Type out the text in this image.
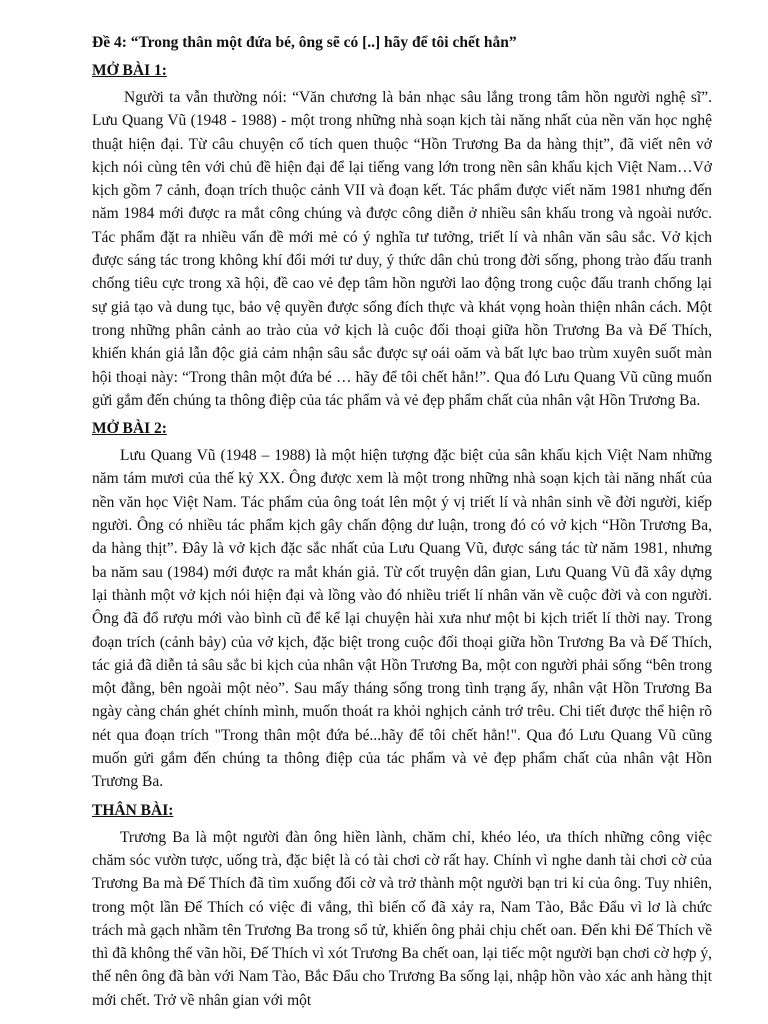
Đề 4: “Trong thân một đứa bé, ông sẽ có [..] hãy để tôi chết hẳn”
MỞ BÀI 1:

Người ta vẫn thường nói: “Văn chương là bản nhạc sâu lắng trong tâm hồn người nghệ sĩ”. Lưu Quang Vũ (1948 - 1988) - một trong những nhà soạn kịch tài năng nhất của nền văn học nghệ thuật hiện đại. Từ câu chuyện cổ tích quen thuộc “Hồn Trương Ba da hàng thịt”, đã viết nên vở kịch nói cùng tên với chủ đề hiện đại để lại tiếng vang lớn trong nền sân khấu kịch Việt Nam…Vở kịch gồm 7 cảnh, đoạn trích thuộc cảnh VII và đoạn kết. Tác phẩm được viết năm 1981 nhưng đến năm 1984 mới được ra mắt công chúng và được công diễn ở nhiều sân khấu trong và ngoài nước. Tác phẩm đặt ra nhiều vấn đề mới mẻ có ý nghĩa tư tưởng, triết lí và nhân văn sâu sắc. Vở kịch được sáng tác trong không khí đổi mới tư duy, ý thức dân chủ trong đời sống, phong trào đấu tranh chống tiêu cực trong xã hội, đề cao vẻ đẹp tâm hồn người lao động trong cuộc đấu tranh chống lại sự giả tạo và dung tục, bảo vệ quyền được sống đích thực và khát vọng hoàn thiện nhân cách. Một trong những phân cảnh ao trào của vở kịch là cuộc đối thoại giữa hồn Trương Ba và Đế Thích, khiến khán giả lẫn độc giả cảm nhận sâu sắc được sự oái oăm và bất lực bao trùm xuyên suốt màn hội thoại này: “Trong thân một đứa bé … hãy để tôi chết hẳn!”. Qua đó Lưu Quang Vũ cũng muốn gửi gắm đến chúng ta thông điệp của tác phẩm và vẻ đẹp phẩm chất của nhân vật Hồn Trương Ba.

MỞ BÀI 2:

Lưu Quang Vũ (1948 – 1988) là một hiện tượng đặc biệt của sân khấu kịch Việt Nam những năm tám mươi của thế kỷ XX. Ông được xem là một trong những nhà soạn kịch tài năng nhất của nền văn học Việt Nam. Tác phẩm của ông toát lên một ý vị triết lí và nhân sinh về đời người, kiếp người. Ông có nhiều tác phẩm kịch gây chấn động dư luận, trong đó có vở kịch “Hồn Trương Ba, da hàng thịt”. Đây là vở kịch đặc sắc nhất của Lưu Quang Vũ, được sáng tác từ năm 1981, nhưng ba năm sau (1984) mới được ra mắt khán giả. Từ cốt truyện dân gian, Lưu Quang Vũ đã xây dựng lại thành một vở kịch nói hiện đại và lồng vào đó nhiều triết lí nhân văn về cuộc đời và con người. Ông đã đổ rượu mới vào bình cũ để kể lại chuyện hài xưa như một bi kịch triết lí thời nay. Trong đoạn trích (cảnh bảy) của vở kịch, đặc biệt trong cuộc đối thoại giữa hồn Trương Ba và Đế Thích, tác giả đã diễn tả sâu sắc bi kịch của nhân vật Hồn Trương Ba, một con người phải sống “bên trong một đằng, bên ngoài một nẻo”. Sau mấy tháng sống trong tình trạng ấy, nhân vật Hồn Trương Ba ngày càng chán ghét chính mình, muốn thoát ra khỏi nghịch cảnh trớ trêu. Chi tiết được thể hiện rõ nét qua đoạn trích "Trong thân một đứa bé...hãy để tôi chết hẳn!". Qua đó Lưu Quang Vũ cũng muốn gửi gắm đến chúng ta thông điệp của tác phẩm và vẻ đẹp phẩm chất của nhân vật Hồn Trương Ba.

THÂN BÀI:

Trương Ba là một người đàn ông hiền lành, chăm chỉ, khéo léo, ưa thích những công việc chăm sóc vườn tược, uống trà, đặc biệt là có tài chơi cờ rất hay. Chính vì nghe danh tài chơi cờ của Trương Ba mà Đế Thích đã tìm xuống đối cờ và trở thành một người bạn tri kỉ của ông. Tuy nhiên, trong một lần Đế Thích có việc đi vắng, thì biến cố đã xảy ra, Nam Tào, Bắc Đẩu vì lơ là chức trách mà gạch nhầm tên Trương Ba trong sổ tử, khiến ông phải chịu chết oan. Đến khi Đế Thích về thì đã không thể vãn hồi, Đế Thích vì xót Trương Ba chết oan, lại tiếc một người bạn chơi cờ hợp ý, thế nên ông đã bàn với Nam Tào, Bắc Đẩu cho Trương Ba sống lại, nhập hồn vào xác anh hàng thịt mới chết. Trở về nhân gian với một
